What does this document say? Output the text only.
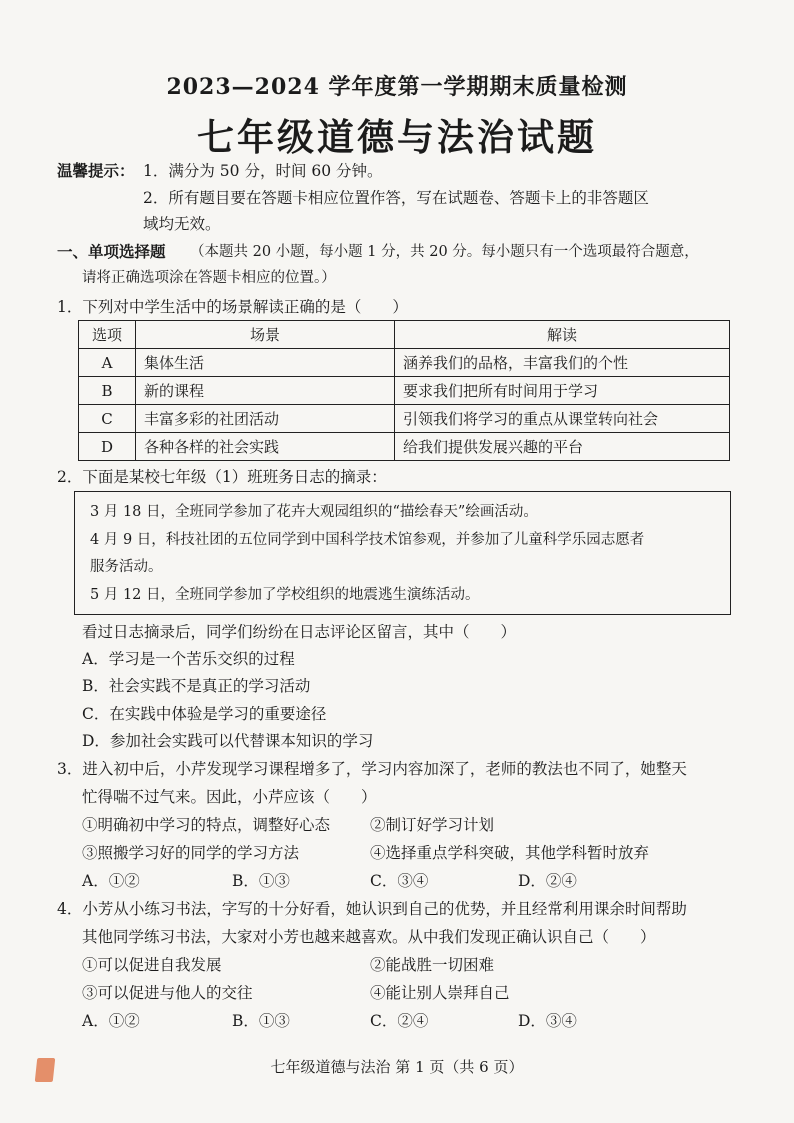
2023—2024 学年度第一学期期末质量检测
七年级道德与法治试题
温馨提示： 1．满分为 50 分，时间 60 分钟。
2．所有题目要在答题卡相应位置作答，写在试题卷、答题卡上的非答题区
域均无效。
一、单项选择题 （本题共 20 小题，每小题 1 分，共 20 分。每小题只有一个选项最符合题意，
请将正确选项涂在答题卡相应的位置。）
1．下列对中学生活中的场景解读正确的是（　　）
选项	场景	解读
A	集体生活	涵养我们的品格，丰富我们的个性
B	新的课程	要求我们把所有时间用于学习
C	丰富多彩的社团活动	引领我们将学习的重点从课堂转向社会
D	各种各样的社会实践	给我们提供发展兴趣的平台
2．下面是某校七年级（1）班班务日志的摘录：
3 月 18 日，全班同学参加了花卉大观园组织的“描绘春天”绘画活动。
4 月 9 日，科技社团的五位同学到中国科学技术馆参观，并参加了儿童科学乐园志愿者
服务活动。
5 月 12 日，全班同学参加了学校组织的地震逃生演练活动。
看过日志摘录后，同学们纷纷在日志评论区留言，其中（　　）
A．学习是一个苦乐交织的过程
B．社会实践不是真正的学习活动
C．在实践中体验是学习的重要途径
D．参加社会实践可以代替课本知识的学习
3．进入初中后，小芹发现学习课程增多了，学习内容加深了，老师的教法也不同了，她整天
忙得喘不过气来。因此，小芹应该（　　）
①明确初中学习的特点，调整好心态	②制订好学习计划
③照搬学习好的同学的学习方法	④选择重点学科突破，其他学科暂时放弃
A．①②	B．①③	C．③④	D．②④
4．小芳从小练习书法，字写的十分好看，她认识到自己的优势，并且经常利用课余时间帮助
其他同学练习书法，大家对小芳也越来越喜欢。从中我们发现正确认识自己（　　）
①可以促进自我发展	②能战胜一切困难
③可以促进与他人的交往	④能让别人崇拜自己
A．①②	B．①③	C．②④	D．③④
七年级道德与法治 第 1 页（共 6 页）
